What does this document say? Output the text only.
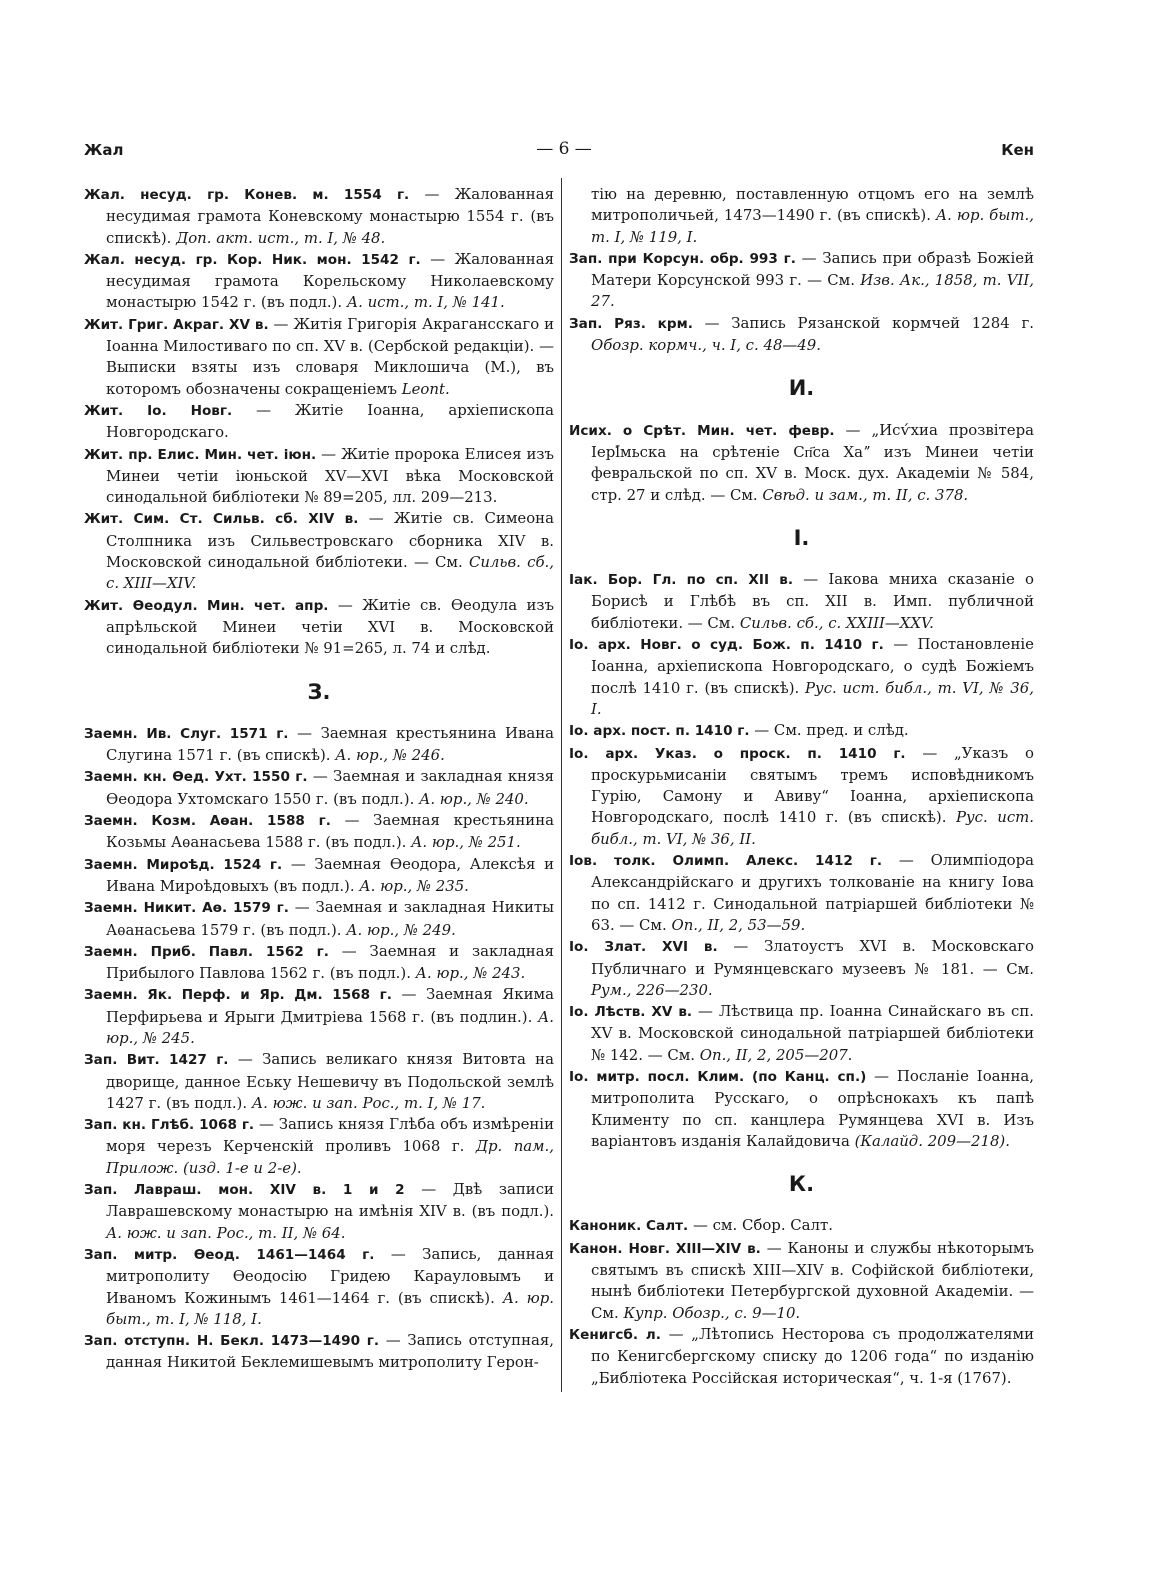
Жал	— 6 —	Кен
Жал. несуд. гр. Конев. м. 1554 г. — Жалованная несудимая грамота Коневскому монастырю 1554 г. (въ спискѣ). Доп. акт. ист., т. I, № 48.
Жал. несуд. гр. Кор. Ник. мон. 1542 г. — Жалованная несудимая грамота Корельскому Николаевскому монастырю 1542 г. (въ подл.). А. ист., т. I, № 141.
Жит. Григ. Акраг. XV в. — Житія Григорія Акрагансскаго и Іоанна Милостиваго по сп. XV в. (Сербской редакціи). — Выписки взяты изъ словаря Миклошича (М.), въ которомъ обозначены сокращеніемъ Leont.
Жит. Іо. Новг. — Житіе Іоанна, архіепископа Новгородскаго.
Жит. пр. Елис. Мин. чет. іюн. — Житіе пророка Елисея изъ Минеи четіи іюньской XV—XVI вѣка Московской синодальной библіотеки № 89=205, лл. 209—213.
Жит. Сим. Ст. Сильв. сб. XIV в. — Житіе св. Симеона Столпника изъ Сильвестровскаго сборника XIV в. Московской синодальной библіотеки. — См. Сильв. сб., с. XIII—XIV.
Жит. Ѳеодул. Мин. чет. апр. — Житіе св. Ѳеодула изъ апрѣльской Минеи четіи XVI в. Московской синодальной библіотеки № 91=265, л. 74 и слѣд.
З.
Заемн. Ив. Слуг. 1571 г. — Заемная крестьянина Ивана Слугина 1571 г. (въ спискѣ). А. юр., № 246.
Заемн. кн. Ѳед. Ухт. 1550 г. — Заемная и закладная князя Ѳеодора Ухтомскаго 1550 г. (въ подл.). А. юр., № 240.
Заемн. Козм. Аѳан. 1588 г. — Заемная крестьянина Козьмы Аѳанасьева 1588 г. (въ подл.). А. юр., № 251.
Заемн. Мироѣд. 1524 г. — Заемная Ѳеодора, Алексѣя и Ивана Мироѣдовыхъ (въ подл.). А. юр., № 235.
Заемн. Никит. Аѳ. 1579 г. — Заемная и закладная Никиты Аѳанасьева 1579 г. (въ подл.). А. юр., № 249.
Заемн. Приб. Павл. 1562 г. — Заемная и закладная Прибылого Павлова 1562 г. (въ подл.). А. юр., № 243.
Заемн. Як. Перф. и Яр. Дм. 1568 г. — Заемная Якима Перфирьева и Ярыги Дмитріева 1568 г. (въ подлин.). А. юр., № 245.
Зап. Вит. 1427 г. — Запись великаго князя Витовта на дворище, данное Еську Нешевичу въ Подольской землѣ 1427 г. (въ подл.). А. юж. и зап. Рос., т. I, № 17.
Зап. кн. Глѣб. 1068 г. — Запись князя Глѣба объ измѣреніи моря черезъ Керченскій проливъ 1068 г. Др. пам., Прилож. (изд. 1-е и 2-е).
Зап. Лавраш. мон. XIV в. 1 и 2 — Двѣ записи Лаврашевскому монастырю на имѣнія XIV в. (въ подл.). А. юж. и зап. Рос., т. II, № 64.
Зап. митр. Ѳеод. 1461—1464 г. — Запись, данная митрополиту Ѳеодосію Гридею Карауловымъ и Иваномъ Кожинымъ 1461—1464 г. (въ спискѣ). А. юр. быт., т. I, № 118, I.
Зап. отступн. Н. Бекл. 1473—1490 г. — Запись отступная, данная Никитой Беклемишевымъ митрополиту Герон-
тію на деревню, поставленную отцомъ его на землѣ митрополичьей, 1473—1490 г. (въ спискѣ). А. юр. быт., т. I, № 119, I.
Зап. при Корсун. обр. 993 г. — Запись при образѣ Божіей Матери Корсунской 993 г. — См. Изв. Ак., 1858, т. VII, 27.
Зап. Ряз. крм. — Запись Рязанской кормчей 1284 г. Обозр. кормч., ч. I, с. 48—49.
И.
Исих. о Срѣт. Мин. чет. февр. — „Исѵ́хиа прозвітера Іерӏ́мьска на срѣтеніе Сп҃са Хаˮ изъ Минеи четіи февральской по сп. XV в. Моск. дух. Академіи № 584, стр. 27 и слѣд. — См. Свѣд. и зам., т. II, с. 378.
І.
Іак. Бор. Гл. по сп. XII в. — Іакова мниха сказаніе о Борисѣ и Глѣбѣ въ сп. XII в. Имп. публичной библіотеки. — См. Сильв. сб., с. XXIII—XXV.
Іо. арх. Новг. о суд. Бож. п. 1410 г. — Постановленіе Іоанна, архіепископа Новгородскаго, о судѣ Божіемъ послѣ 1410 г. (въ спискѣ). Рус. ист. библ., т. VI, № 36, I.
Іо. арх. пост. п. 1410 г. — См. пред. и слѣд.
Іо. арх. Указ. о проск. п. 1410 г. — „Указъ о проскурьмисаніи святымъ тремъ исповѣдникомъ Гурію, Самону и Авиву“ Іоанна, архіепископа Новгородскаго, послѣ 1410 г. (въ спискѣ). Рус. ист. библ., т. VI, № 36, II.
Іов. толк. Олимп. Алекс. 1412 г. — Олимпіодора Александрійскаго и другихъ толкованіе на книгу Іова по сп. 1412 г. Синодальной патріаршей библіотеки № 63. — См. Оп., II, 2, 53—59.
Іо. Злат. XVI в. — Златоустъ XVI в. Московскаго Публичнаго и Румянцевскаго музеевъ № 181. — См. Рум., 226—230.
Іо. Лѣств. XV в. — Лѣствица пр. Іоанна Синайскаго въ сп. XV в. Московской синодальной патріаршей библіотеки № 142. — См. Оп., II, 2, 205—207.
Іо. митр. посл. Клим. (по Канц. сп.) — Посланіе Іоанна, митрополита Русскаго, о опрѣснокахъ къ папѣ Клименту по сп. канцлера Румянцева XVI в. Изъ варіантовъ изданія Калайдовича (Калайд. 209—218).
К.
Каноник. Салт. — см. Сбор. Салт.
Канон. Новг. XIII—XIV в. — Каноны и службы нѣкоторымъ святымъ въ спискѣ XIII—XIV в. Софійской библіотеки, нынѣ библіотеки Петербургской духовной Академіи. — См. Купр. Обозр., с. 9—10.
Кенигсб. л. — „Лѣтопись Несторова съ продолжателями по Кенигсбергскому списку до 1206 года“ по изданію „Библіотека Россійская историческая“, ч. 1-я (1767).
